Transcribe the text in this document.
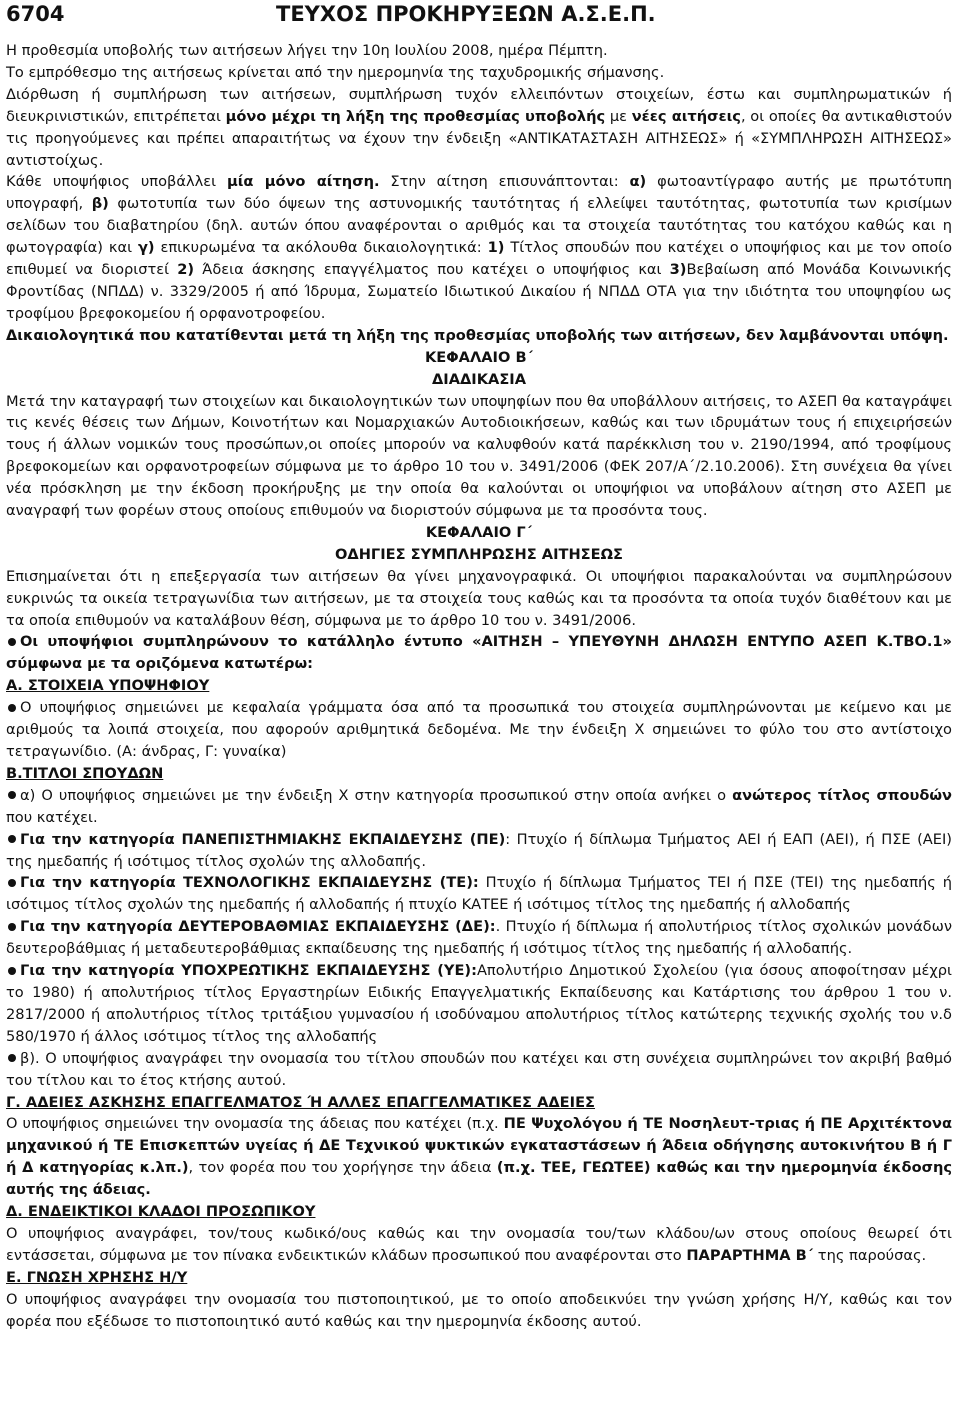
6704	ΤΕΥΧΟΣ ΠΡΟΚΗΡΥΞΕΩΝ Α.Σ.Ε.Π.

Η προθεσμία υποβολής των αιτήσεων λήγει την 10η Ιουλίου 2008, ημέρα Πέμπτη.

Το εμπρόθεσμο της αιτήσεως κρίνεται από την ημερομηνία της ταχυδρομικής σήμανσης.

Διόρθωση ή συμπλήρωση των αιτήσεων, συμπλήρωση τυχόν ελλειπόντων στοιχείων, έστω και συμπληρωματικών ή διευκρινιστικών, επιτρέπεται μόνο μέχρι τη λήξη της προθεσμίας υποβολής με νέες αιτήσεις, οι οποίες θα αντικαθιστούν τις προηγούμενες και πρέπει απαραιτήτως να έχουν την ένδειξη «ΑΝΤΙΚΑΤΑΣΤΑΣΗ ΑΙΤΗΣΕΩΣ» ή «ΣΥΜΠΛΗΡΩΣΗ ΑΙΤΗΣΕΩΣ» αντιστοίχως.

Κάθε υποψήφιος υποβάλλει μία μόνο αίτηση. Στην αίτηση επισυνάπτονται: α) φωτοαντίγραφο αυτής με πρωτότυπη υπογραφή, β) φωτοτυπία των δύο όψεων της αστυνομικής ταυτότητας ή ελλείψει ταυτότητας, φωτοτυπία των κρισίμων σελίδων του διαβατηρίου (δηλ. αυτών όπου αναφέρονται ο αριθμός και τα στοιχεία ταυτότητας του κατόχου καθώς και η φωτογραφία) και γ) επικυρωμένα τα ακόλουθα δικαιολογητικά: 1) Τίτλος σπουδών που κατέχει ο υποψήφιος και με τον οποίο επιθυμεί να διοριστεί 2) Άδεια άσκησης επαγγέλματος που κατέχει ο υποψήφιος και 3)Βεβαίωση από Μονάδα Κοινωνικής Φροντίδας (ΝΠΔΔ) ν. 3329/2005 ή από Ίδρυμα, Σωματείο Ιδιωτικού Δικαίου ή ΝΠΔΔ ΟΤΑ για την ιδιότητα του υποψηφίου ως τροφίμου βρεφοκομείου ή ορφανοτροφείου.

Δικαιολογητικά που κατατίθενται μετά τη λήξη της προθεσμίας υποβολής των αιτήσεων, δεν λαμβάνονται υπόψη.

ΚΕΦΑΛΑΙΟ Β΄

ΔΙΑΔΙΚΑΣΙΑ

Μετά την καταγραφή των στοιχείων και δικαιολογητικών των υποψηφίων που θα υποβάλλουν αιτήσεις, το ΑΣΕΠ θα καταγράψει τις κενές θέσεις των Δήμων, Κοινοτήτων και Νομαρχιακών Αυτοδιοικήσεων, καθώς και των ιδρυμάτων τους ή επιχειρήσεών τους ή άλλων νομικών τους προσώπων,οι οποίες μπορούν να καλυφθούν κατά παρέκκλιση του ν. 2190/1994, από τροφίμους βρεφοκομείων και ορφανοτροφείων σύμφωνα με το άρθρο 10 του ν. 3491/2006 (ΦΕΚ 207/Α΄/2.10.2006). Στη συνέχεια θα γίνει νέα πρόσκληση με την έκδοση προκήρυξης με την οποία θα καλούνται οι υποψήφιοι να υποβάλουν αίτηση στο ΑΣΕΠ με αναγραφή των φορέων στους οποίους επιθυμούν να διοριστούν σύμφωνα με τα προσόντα τους.

ΚΕΦΑΛΑΙΟ Γ΄

ΟΔΗΓΙΕΣ ΣΥΜΠΛΗΡΩΣΗΣ ΑΙΤΗΣΕΩΣ

Επισημαίνεται ότι η επεξεργασία των αιτήσεων θα γίνει μηχανογραφικά. Οι υποψήφιοι παρακαλούνται να συμπληρώσουν ευκρινώς τα οικεία τετραγωνίδια των αιτήσεων, με τα στοιχεία τους καθώς και τα προσόντα τα οποία τυχόν διαθέτουν και με τα οποία επιθυμούν να καταλάβουν θέση, σύμφωνα με το άρθρο 10 του ν. 3491/2006.

Οι υποψήφιοι συμπληρώνουν το κατάλληλο έντυπο «ΑΙΤΗΣΗ – ΥΠΕΥΘΥΝΗ ΔΗΛΩΣΗ ΕΝΤΥΠΟ ΑΣΕΠ Κ.ΤΒΟ.1» σύμφωνα με τα οριζόμενα κατωτέρω:

Α. ΣΤΟΙΧΕΙΑ ΥΠΟΨΗΦΙΟΥ

Ο υποψήφιος σημειώνει με κεφαλαία γράμματα όσα από τα προσωπικά του στοιχεία συμπληρώνονται με κείμενο και με αριθμούς τα λοιπά στοιχεία, που αφορούν αριθμητικά δεδομένα. Με την ένδειξη Χ σημειώνει το φύλο του στο αντίστοιχο τετραγωνίδιο. (Α: άνδρας, Γ: γυναίκα)

Β.ΤΙΤΛΟΙ ΣΠΟΥΔΩΝ

α) Ο υποψήφιος σημειώνει με την ένδειξη Χ στην κατηγορία προσωπικού στην οποία ανήκει ο ανώτερος τίτλος σπουδών που κατέχει.

Για την κατηγορία ΠΑΝΕΠΙΣΤΗΜΙΑΚΗΣ ΕΚΠΑΙΔΕΥΣΗΣ (ΠΕ): Πτυχίο ή δίπλωμα Τμήματος ΑΕΙ ή ΕΑΠ (ΑΕΙ), ή ΠΣΕ (ΑΕΙ) της ημεδαπής ή ισότιμος τίτλος σχολών της αλλοδαπής.

Για την κατηγορία ΤΕΧΝΟΛΟΓΙΚΗΣ ΕΚΠΑΙΔΕΥΣΗΣ (ΤΕ): Πτυχίο ή δίπλωμα Τμήματος ΤΕΙ ή ΠΣΕ (ΤΕΙ) της ημεδαπής ή ισότιμος τίτλος σχολών της ημεδαπής ή αλλοδαπής ή πτυχίο ΚΑΤΕΕ ή ισότιμος τίτλος της ημεδαπής ή αλλοδαπής

Για την κατηγορία ΔΕΥΤΕΡΟΒΑΘΜΙΑΣ ΕΚΠΑΙΔΕΥΣΗΣ (ΔΕ):. Πτυχίο ή δίπλωμα ή απολυτήριος τίτλος σχολικών μονάδων δευτεροβάθμιας ή μεταδευτεροβάθμιας εκπαίδευσης της ημεδαπής ή ισότιμος τίτλος της ημεδαπής ή αλλοδαπής.

Για την κατηγορία ΥΠΟΧΡΕΩΤΙΚΗΣ ΕΚΠΑΙΔΕΥΣΗΣ (ΥΕ):Απολυτήριο Δημοτικού Σχολείου (για όσους αποφοίτησαν μέχρι το 1980) ή απολυτήριος τίτλος Εργαστηρίων Ειδικής Επαγγελματικής Εκπαίδευσης και Κατάρτισης του άρθρου 1 του ν. 2817/2000 ή απολυτήριος τίτλος τριτάξιου γυμνασίου ή ισοδύναμου απολυτήριος τίτλος κατώτερης τεχνικής σχολής του ν.δ 580/1970 ή άλλος ισότιμος τίτλος της αλλοδαπής

β). Ο υποψήφιος αναγράφει την ονομασία του τίτλου σπουδών που κατέχει και στη συνέχεια συμπληρώνει τον ακριβή βαθμό του τίτλου και το έτος κτήσης αυτού.

Γ. ΑΔΕΙΕΣ ΑΣΚΗΣΗΣ ΕΠΑΓΓΕΛΜΑΤΟΣ Ή ΑΛΛΕΣ ΕΠΑΓΓΕΛΜΑΤΙΚΕΣ ΑΔΕΙΕΣ

Ο υποψήφιος σημειώνει την ονομασία της άδειας που κατέχει (π.χ. ΠΕ Ψυχολόγου ή ΤΕ Νοσηλευτ-τριας ή ΠΕ Αρχιτέκτονα μηχανικού ή ΤΕ Επισκεπτών υγείας ή ΔΕ Τεχνικού ψυκτικών εγκαταστάσεων ή Άδεια οδήγησης αυτοκινήτου Β ή Γ ή Δ κατηγορίας κ.λπ.), τον φορέα που του χορήγησε την άδεια (π.χ. ΤΕΕ, ΓΕΩΤΕΕ) καθώς και την ημερομηνία έκδοσης αυτής της άδειας.

Δ. ΕΝΔΕΙΚΤΙΚΟΙ ΚΛΑΔΟΙ ΠΡΟΣΩΠΙΚΟΥ

Ο υποψήφιος αναγράφει, τον/τους κωδικό/ους καθώς και την ονομασία του/των κλάδου/ων στους οποίους θεωρεί ότι εντάσσεται, σύμφωνα με τον πίνακα ενδεικτικών κλάδων προσωπικού που αναφέρονται στο ΠΑΡΑΡΤΗΜΑ Β΄ της παρούσας.

Ε. ΓΝΩΣΗ ΧΡΗΣΗΣ Η/Υ

Ο υποψήφιος αναγράφει την ονομασία του πιστοποιητικού, με το οποίο αποδεικνύει την γνώση χρήσης Η/Υ, καθώς και τον φορέα που εξέδωσε το πιστοποιητικό αυτό καθώς και την ημερομηνία έκδοσης αυτού.
